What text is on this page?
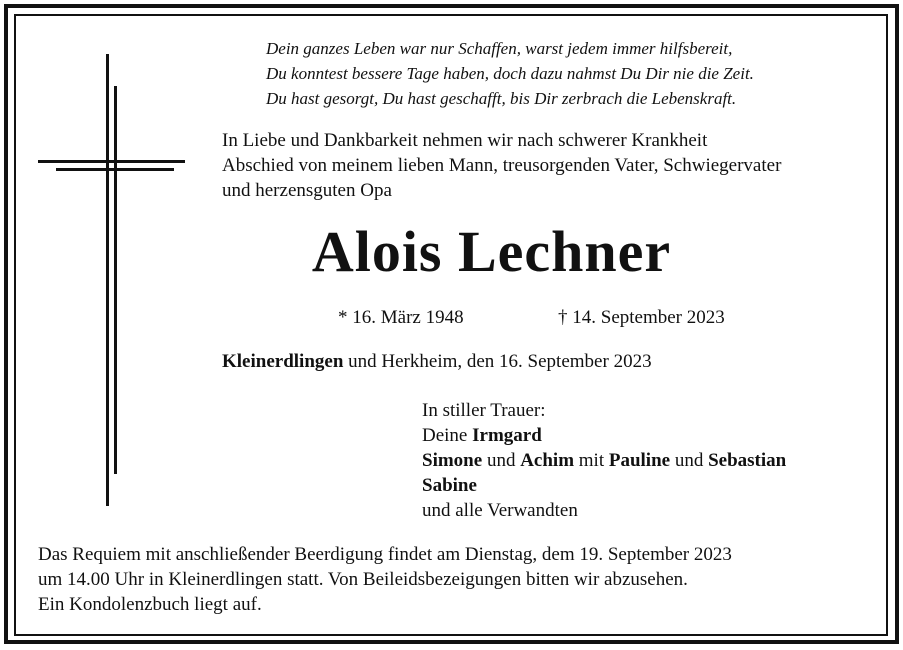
Dein ganzes Leben war nur Schaffen, warst jedem immer hilfsbereit,
Du konntest bessere Tage haben, doch dazu nahmst Du Dir nie die Zeit.
Du hast gesorgt, Du hast geschafft, bis Dir zerbrach die Lebenskraft.
In Liebe und Dankbarkeit nehmen wir nach schwerer Krankheit
Abschied von meinem lieben Mann, treusorgenden Vater, Schwiegervater
und herzensguten Opa
Alois Lechner
* 16. März 1948	† 14. September 2023
Kleinerdlingen und Herkheim, den 16. September 2023
In stiller Trauer:
Deine Irmgard
Simone und Achim mit Pauline und Sebastian
Sabine
und alle Verwandten
Das Requiem mit anschließender Beerdigung findet am Dienstag, dem 19. September 2023
um 14.00 Uhr in Kleinerdlingen statt. Von Beileidsbezeigungen bitten wir abzusehen.
Ein Kondolenzbuch liegt auf.
